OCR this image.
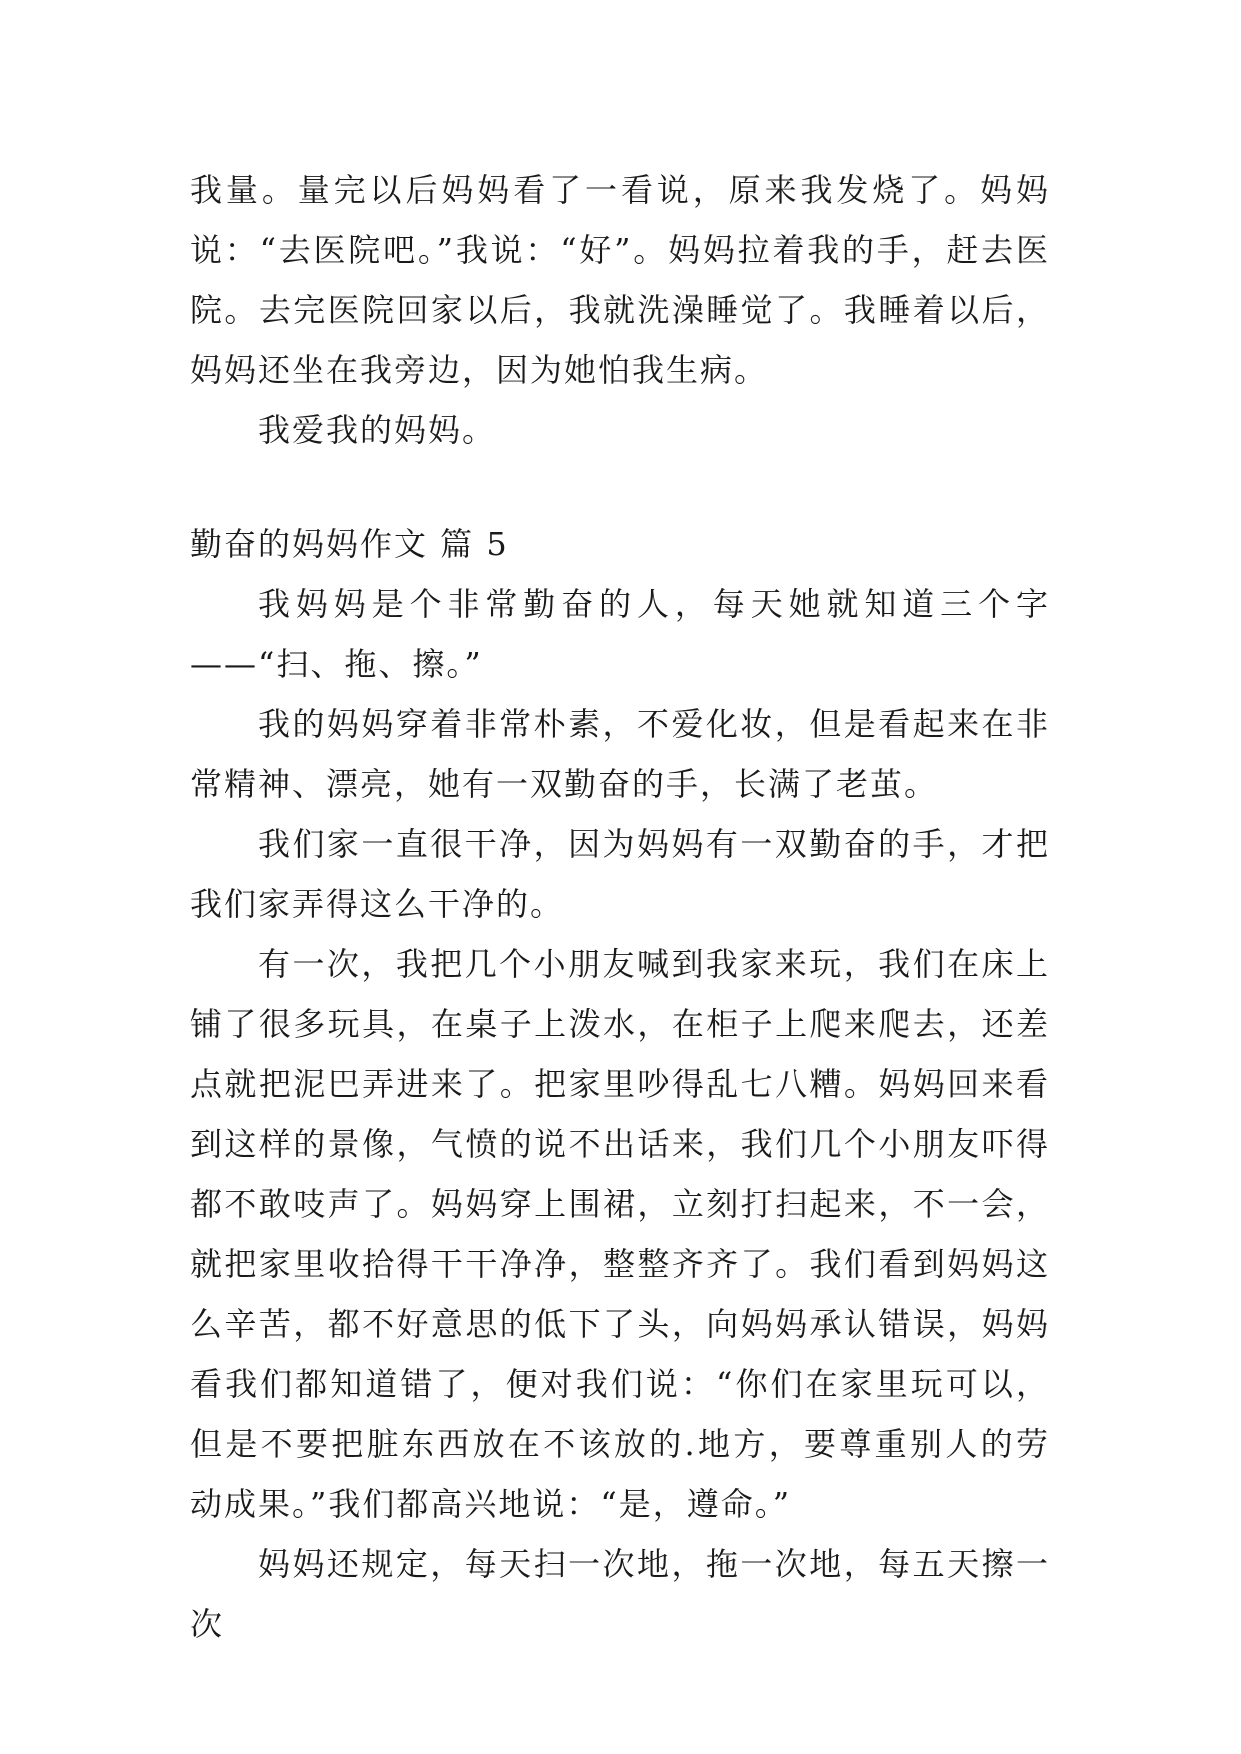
我量。量完以后妈妈看了一看说，原来我发烧了。妈妈说：“去医院吧。”我说：“好”。妈妈拉着我的手，赶去医院。去完医院回家以后，我就洗澡睡觉了。我睡着以后，妈妈还坐在我旁边，因为她怕我生病。

我爱我的妈妈。

勤奋的妈妈作文 篇 5

我妈妈是个非常勤奋的人，每天她就知道三个字——“扫、拖、擦。”

我的妈妈穿着非常朴素，不爱化妆，但是看起来在非常精神、漂亮，她有一双勤奋的手，长满了老茧。

我们家一直很干净，因为妈妈有一双勤奋的手，才把我们家弄得这么干净的。

有一次，我把几个小朋友喊到我家来玩，我们在床上铺了很多玩具，在桌子上泼水，在柜子上爬来爬去，还差点就把泥巴弄进来了。把家里吵得乱七八糟。妈妈回来看到这样的景像，气愤的说不出话来，我们几个小朋友吓得都不敢吱声了。妈妈穿上围裙，立刻打扫起来，不一会，就把家里收拾得干干净净，整整齐齐了。我们看到妈妈这么辛苦，都不好意思的低下了头，向妈妈承认错误，妈妈看我们都知道错了，便对我们说：“你们在家里玩可以，但是不要把脏东西放在不该放的.地方，要尊重别人的劳动成果。”我们都高兴地说：“是，遵命。”

妈妈还规定，每天扫一次地，拖一次地，每五天擦一次
